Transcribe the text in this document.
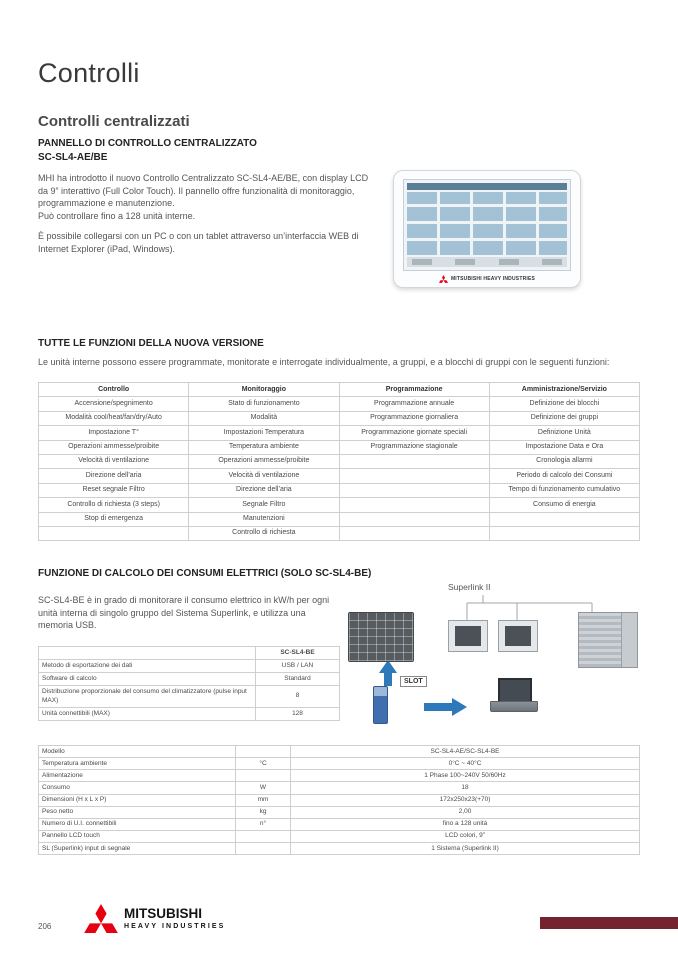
Controlli
Controlli centralizzati
PANNELLO DI CONTROLLO CENTRALIZZATO
SC-SL4-AE/BE

MHI ha introdotto il nuovo Controllo Centralizzato SC-SL4-AE/BE, con display LCD da 9” interattivo (Full Color Touch). Il pannello offre funzionalità di monitoraggio, programmazione e manutenzione.

Può controllare fino a 128 unità interne.

È possibile collegarsi con un PC o con un tablet attraverso un’interfaccia WEB di Internet Explorer (iPad, Windows).

MITSUBISHI HEAVY INDUSTRIES
TUTTE LE FUNZIONI DELLA NUOVA VERSIONE

Le unità interne possono essere programmate, monitorate e interrogate individualmente, a gruppi, e a blocchi di gruppi con le seguenti funzioni:

Controllo	Monitoraggio	Programmazione	Amministrazione/Servizio
Accensione/spegnimento	Stato di funzionamento	Programmazione annuale	Definizione dei blocchi
Modalità cool/heat/fan/dry/Auto	Modalità	Programmazione giornaliera	Definizione dei gruppi
Impostazione T°	Impostazioni Temperatura	Programmazione giornate speciali	Definizione Unità
Operazioni ammesse/proibite	Temperatura ambiente	Programmazione stagionale	Impostazione Data e Ora
Velocità di ventilazione	Operazioni ammesse/proibite		Cronologia allarmi
Direzione dell’aria	Velocità di ventilazione		Periodo di calcolo dei Consumi
Reset segnale Filtro	Direzione dell’aria		Tempo di funzionamento cumulativo
Controllo di richiesta (3 steps)	Segnale Filtro		Consumo di energia
Stop di emergenza	Manutenzioni		
	Controllo di richiesta		
FUNZIONE DI CALCOLO DEI CONSUMI ELETTRICI (SOLO SC-SL4-BE)

SC-SL4-BE è in grado di monitorare il consumo elettrico in kW/h per ogni unità interna di singolo gruppo del Sistema Superlink, e utilizza una memoria USB.

	SC-SL4-BE
Metodo di esportazione dei dati	USB / LAN
Software di calcolo	Standard
Distribuzione proporzionale del consumo del climatizzatore (pulse input MAX)	8
Unità connettibili (MAX)	128
Superlink II
SLOT
Modello		SC-SL4-AE/SC-SL4-BE
Temperatura ambiente	°C	0°C ~ 40°C
Alimentazione		1 Phase 100~240V 50/60Hz
Consumo	W	18
Dimensioni (H x L x P)	mm	172x250x23(+70)
Peso netto	kg	2,00
Numero di U.I. connettibili	n°	fino a 128 unità
Pannello LCD touch		LCD colori, 9”
SL (Superlink) input di segnale		1 Sistema (Superlink II)
206
MITSUBISHI
HEAVY INDUSTRIES
